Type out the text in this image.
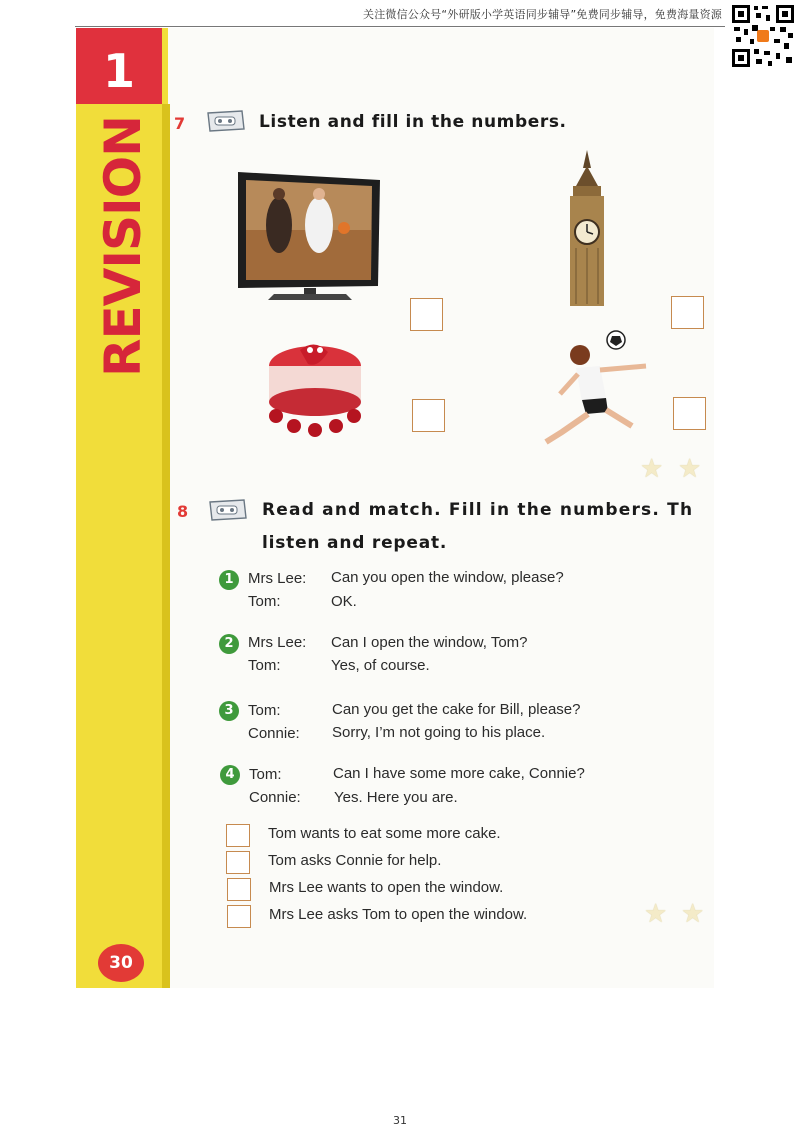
关注微信公众号“外研版小学英语同步辅导”免费同步辅导，免费海量资源
1
REVISION
30
7	Listen and fill in the numbers.
★ ★
8	Read and match. Fill in the numbers. Th
listen and repeat.
1 Mrs Lee: Can you open the window, please?
Tom:	OK.
2 Mrs Lee: Can I open the window, Tom?
Tom:	Yes, of course.
3 Tom:	Can you get the cake for Bill, please?
Connie: Sorry, I’m not going to his place.
4 Tom:	Can I have some more cake, Connie?
Connie: Yes. Here you are.
Tom wants to eat some more cake.
Tom asks Connie for help.
Mrs Lee wants to open the window.
Mrs Lee asks Tom to open the window.	★ ★
31
